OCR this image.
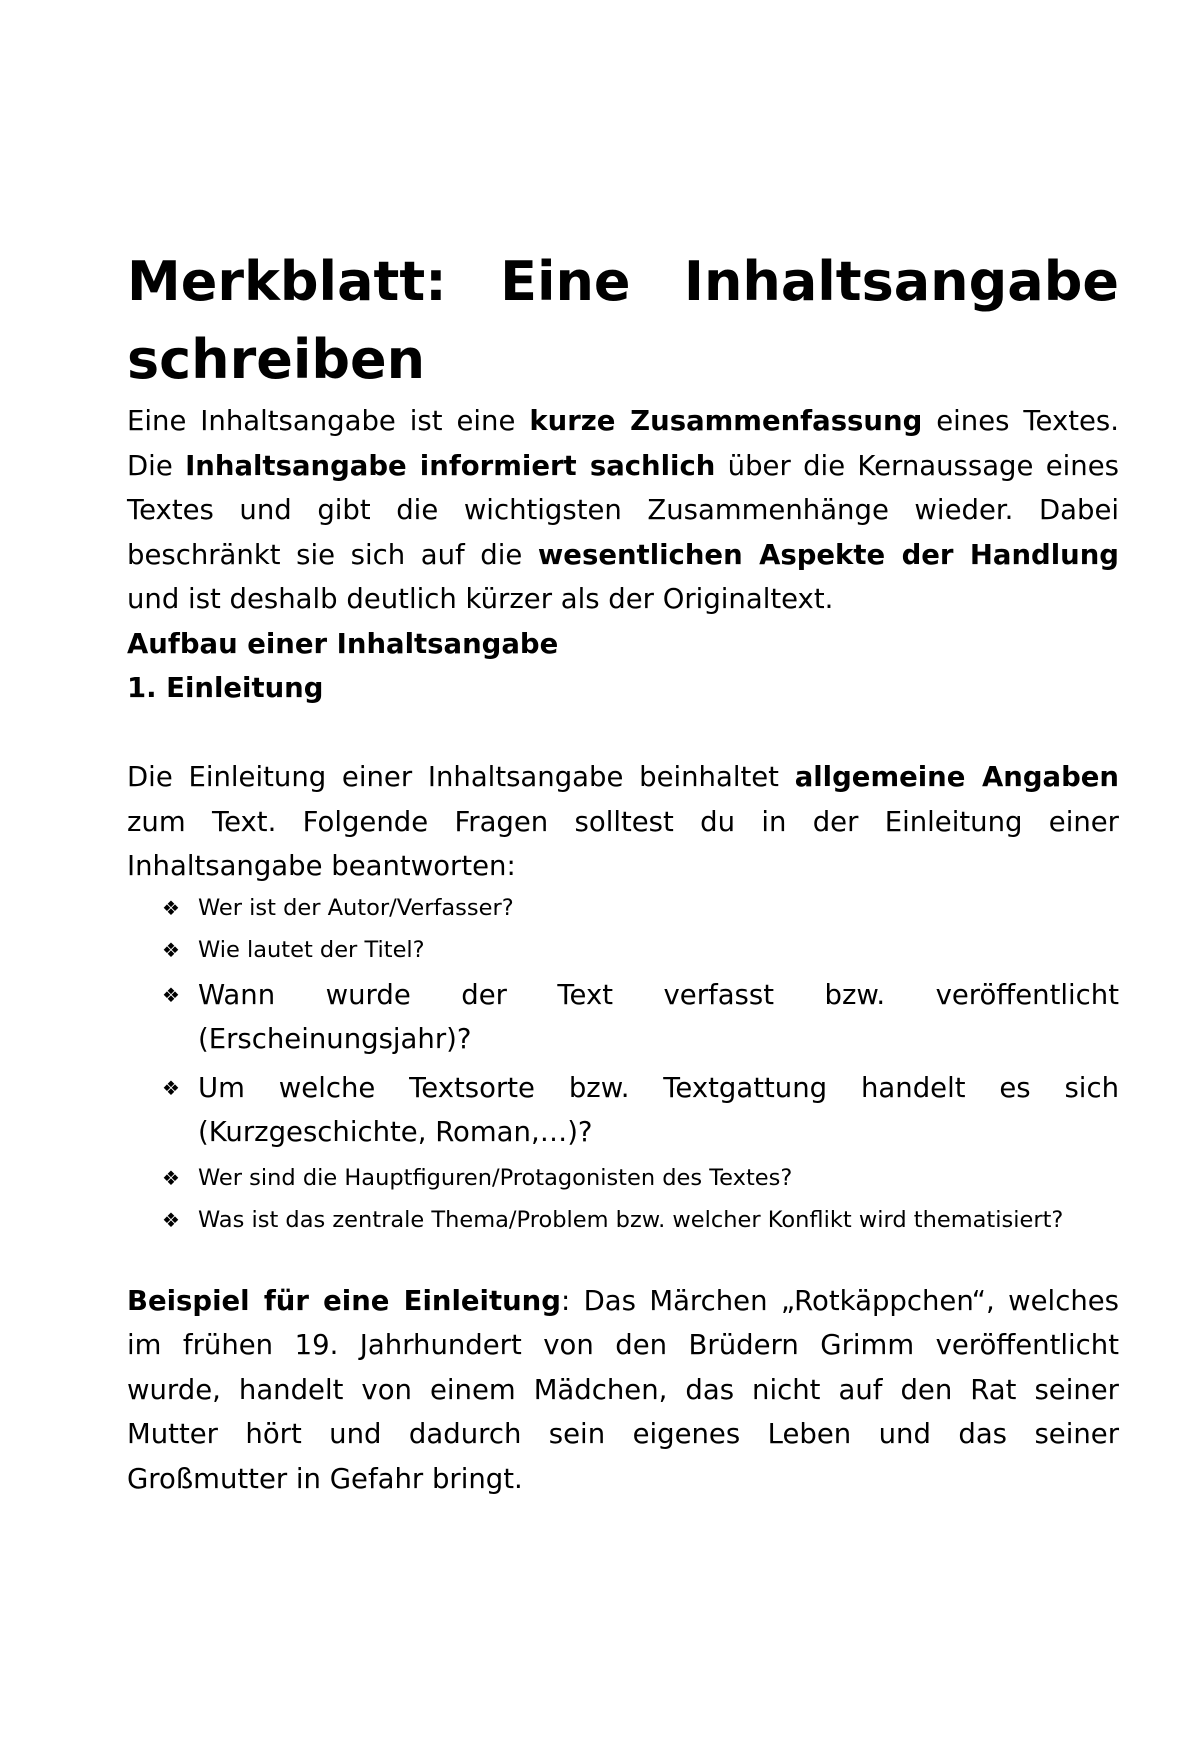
Merkblatt: Eine Inhaltsangabe
schreiben

Eine Inhaltsangabe ist eine kurze Zusammenfassung eines Textes. Die Inhaltsangabe informiert sachlich über die Kernaussage eines Textes und gibt die wichtigsten Zusammenhänge wieder. Dabei beschränkt sie sich auf die wesentlichen Aspekte der Handlung und ist deshalb deutlich kürzer als der Originaltext.

Aufbau einer Inhaltsangabe

1. Einleitung

Die Einleitung einer Inhaltsangabe beinhaltet allgemeine Angaben zum Text. Folgende Fragen solltest du in der Einleitung einer Inhaltsangabe beantworten:

❖ Wer ist der Autor/Verfasser?
❖ Wie lautet der Titel?
❖ Wann wurde der Text verfasst bzw. veröffentlicht (Erscheinungsjahr)?
❖ Um welche Textsorte bzw. Textgattung handelt es sich (Kurzgeschichte, Roman,…)?
❖ Wer sind die Hauptfiguren/Protagonisten des Textes?
❖ Was ist das zentrale Thema/Problem bzw. welcher Konflikt wird thematisiert?

Beispiel für eine Einleitung: Das Märchen „Rotkäppchen“, welches im frühen 19. Jahrhundert von den Brüdern Grimm veröffentlicht wurde, handelt von einem Mädchen, das nicht auf den Rat seiner Mutter hört und dadurch sein eigenes Leben und das seiner Großmutter in Gefahr bringt.
